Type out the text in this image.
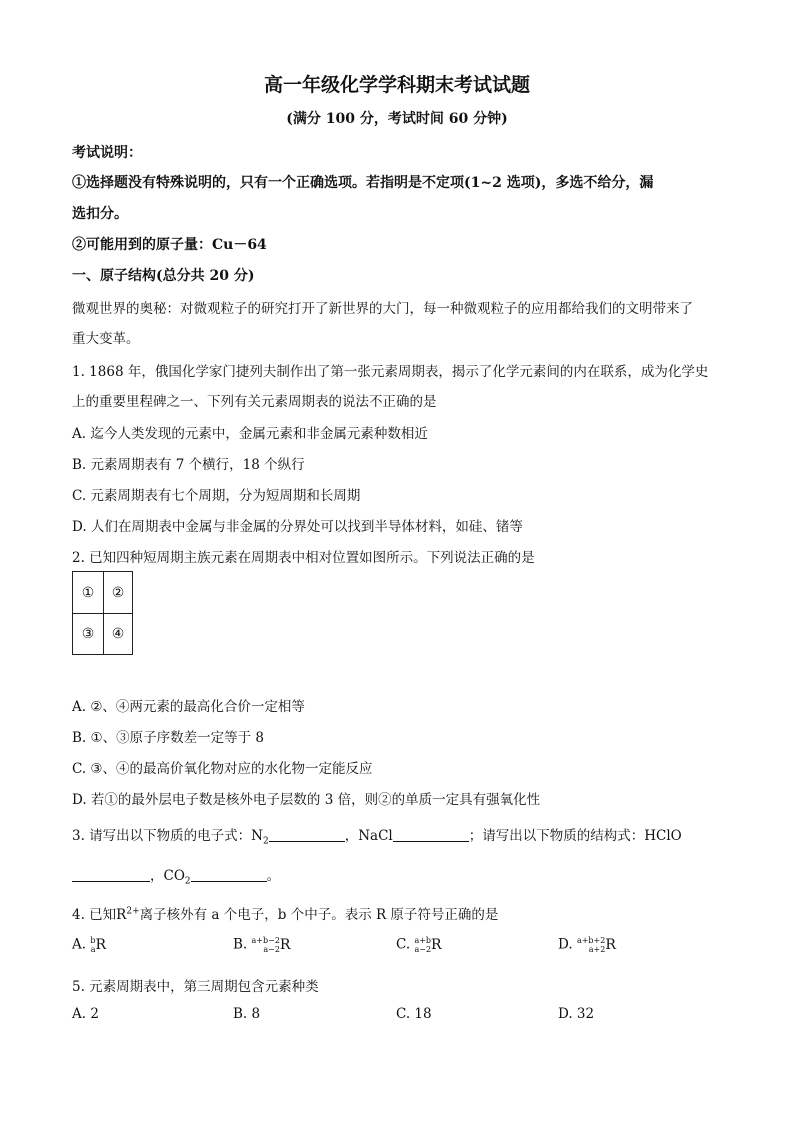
高一年级化学学科期末考试试题
(满分 100 分，考试时间 60 分钟)
考试说明：
①选择题没有特殊说明的，只有一个正确选项。若指明是不定项(1~2 选项)，多选不给分，漏
选扣分。
②可能用到的原子量：Cu－64
一、原子结构(总分共 20 分)
微观世界的奥秘：对微观粒子的研究打开了新世界的大门，每一种微观粒子的应用都给我们的文明带来了
重大变革。
1. 1868 年，俄国化学家门捷列夫制作出了第一张元素周期表，揭示了化学元素间的内在联系，成为化学史
上的重要里程碑之一、下列有关元素周期表的说法不正确的是
A. 迄今人类发现的元素中，金属元素和非金属元素种数相近
B. 元素周期表有 7 个横行，18 个纵行
C. 元素周期表有七个周期，分为短周期和长周期
D. 人们在周期表中金属与非金属的分界处可以找到半导体材料，如硅、锗等
2. 已知四种短周期主族元素在周期表中相对位置如图所示。下列说法正确的是
①	②
③	④
A. ②、④两元素的最高化合价一定相等
B. ①、③原子序数差一定等于 8
C. ③、④的最高价氧化物对应的水化物一定能反应
D. 若①的最外层电子数是核外电子层数的 3 倍，则②的单质一定具有强氧化性
3. 请写出以下物质的电子式：$N_2$	，NaCl	；请写出以下物质的结构式：HClO
，$CO_2$	。
4. 已知$R^{2+}$离子核外有 a 个电子，b 个中子。表示 R 原子符号正确的是
A. b
a R	B. a+b−2
a−2 R	C. a+b
a−2 R	D. a+b+2
a+2 R
5. 元素周期表中，第三周期包含元素种类
A. 2	B. 8	C. 18	D. 32
